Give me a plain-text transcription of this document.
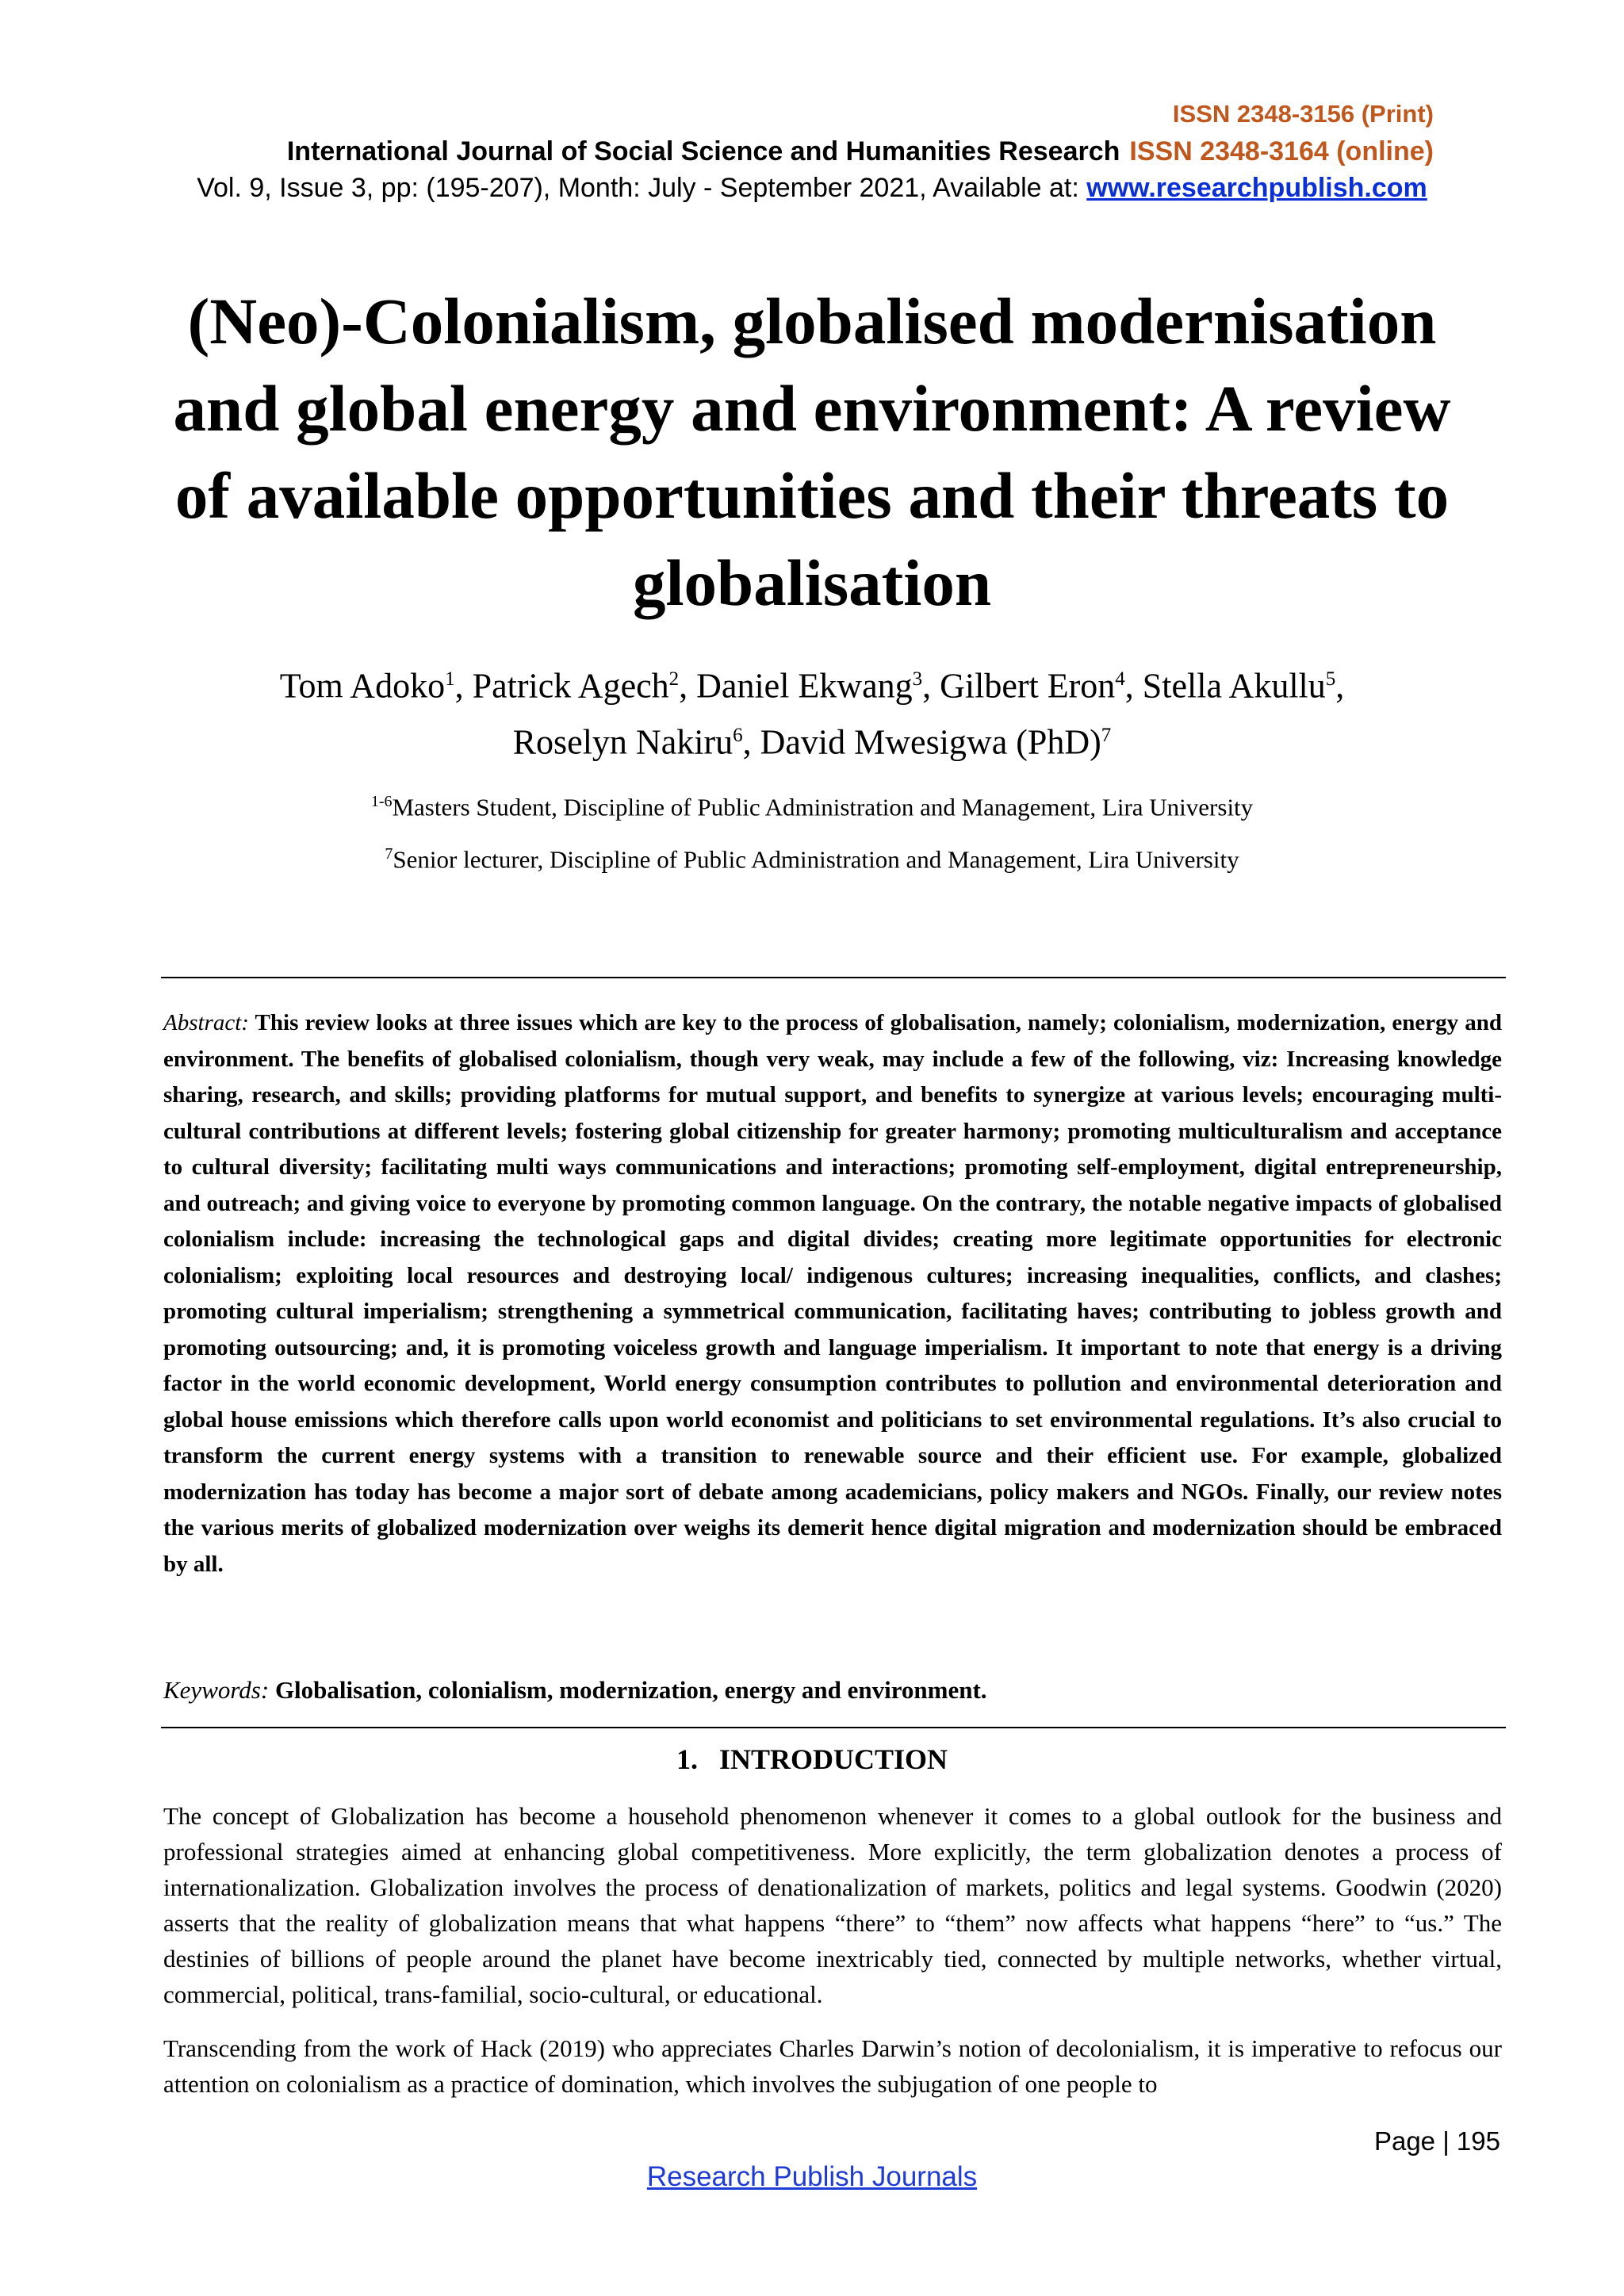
ISSN 2348-3156 (Print)
International Journal of Social Science and Humanities Research ISSN 2348-3164 (online)
Vol. 9, Issue 3, pp: (195-207), Month: July - September 2021, Available at: www.researchpublish.com
(Neo)-Colonialism, globalised modernisation and global energy and environment: A review of available opportunities and their threats to globalisation
Tom Adoko$^1$, Patrick Agech$^2$, Daniel Ekwang$^3$, Gilbert Eron$^4$, Stella Akullu$^5$,
Roselyn Nakiru$^6$, David Mwesigwa (PhD)$^7$
$^{1-6}$Masters Student, Discipline of Public Administration and Management, Lira University
$^7$Senior lecturer, Discipline of Public Administration and Management, Lira University
Abstract: This review looks at three issues which are key to the process of globalisation, namely; colonialism, modernization, energy and environment. The benefits of globalised colonialism, though very weak, may include a few of the following, viz: Increasing knowledge sharing, research, and skills; providing platforms for mutual support, and benefits to synergize at various levels; encouraging multi-cultural contributions at different levels; fostering global citizenship for greater harmony; promoting multiculturalism and acceptance to cultural diversity; facilitating multi ways communications and interactions; promoting self-employment, digital entrepreneurship, and outreach; and giving voice to everyone by promoting common language. On the contrary, the notable negative impacts of globalised colonialism include: increasing the technological gaps and digital divides; creating more legitimate opportunities for electronic colonialism; exploiting local resources and destroying local/ indigenous cultures; increasing inequalities, conflicts, and clashes; promoting cultural imperialism; strengthening a symmetrical communication, facilitating haves; contributing to jobless growth and promoting outsourcing; and, it is promoting voiceless growth and language imperialism. It important to note that energy is a driving factor in the world economic development, World energy consumption contributes to pollution and environmental deterioration and global house emissions which therefore calls upon world economist and politicians to set environmental regulations. It’s also crucial to transform the current energy systems with a transition to renewable source and their efficient use. For example, globalized modernization has today has become a major sort of debate among academicians, policy makers and NGOs. Finally, our review notes the various merits of globalized modernization over weighs its demerit hence digital migration and modernization should be embraced by all.
Keywords: Globalisation, colonialism, modernization, energy and environment.
1.   INTRODUCTION
The concept of Globalization has become a household phenomenon whenever it comes to a global outlook for the business and professional strategies aimed at enhancing global competitiveness. More explicitly, the term globalization denotes a process of internationalization. Globalization involves the process of denationalization of markets, politics and legal systems. Goodwin (2020) asserts that the reality of globalization means that what happens “there” to “them” now affects what happens “here” to “us.” The destinies of billions of people around the planet have become inextricably tied, connected by multiple networks, whether virtual, commercial, political, trans-familial, socio-cultural, or educational.
Transcending from the work of Hack (2019) who appreciates Charles Darwin’s notion of decolonialism, it is imperative to refocus our attention on colonialism as a practice of domination, which involves the subjugation of one people to
Page | 195
Research Publish Journals
